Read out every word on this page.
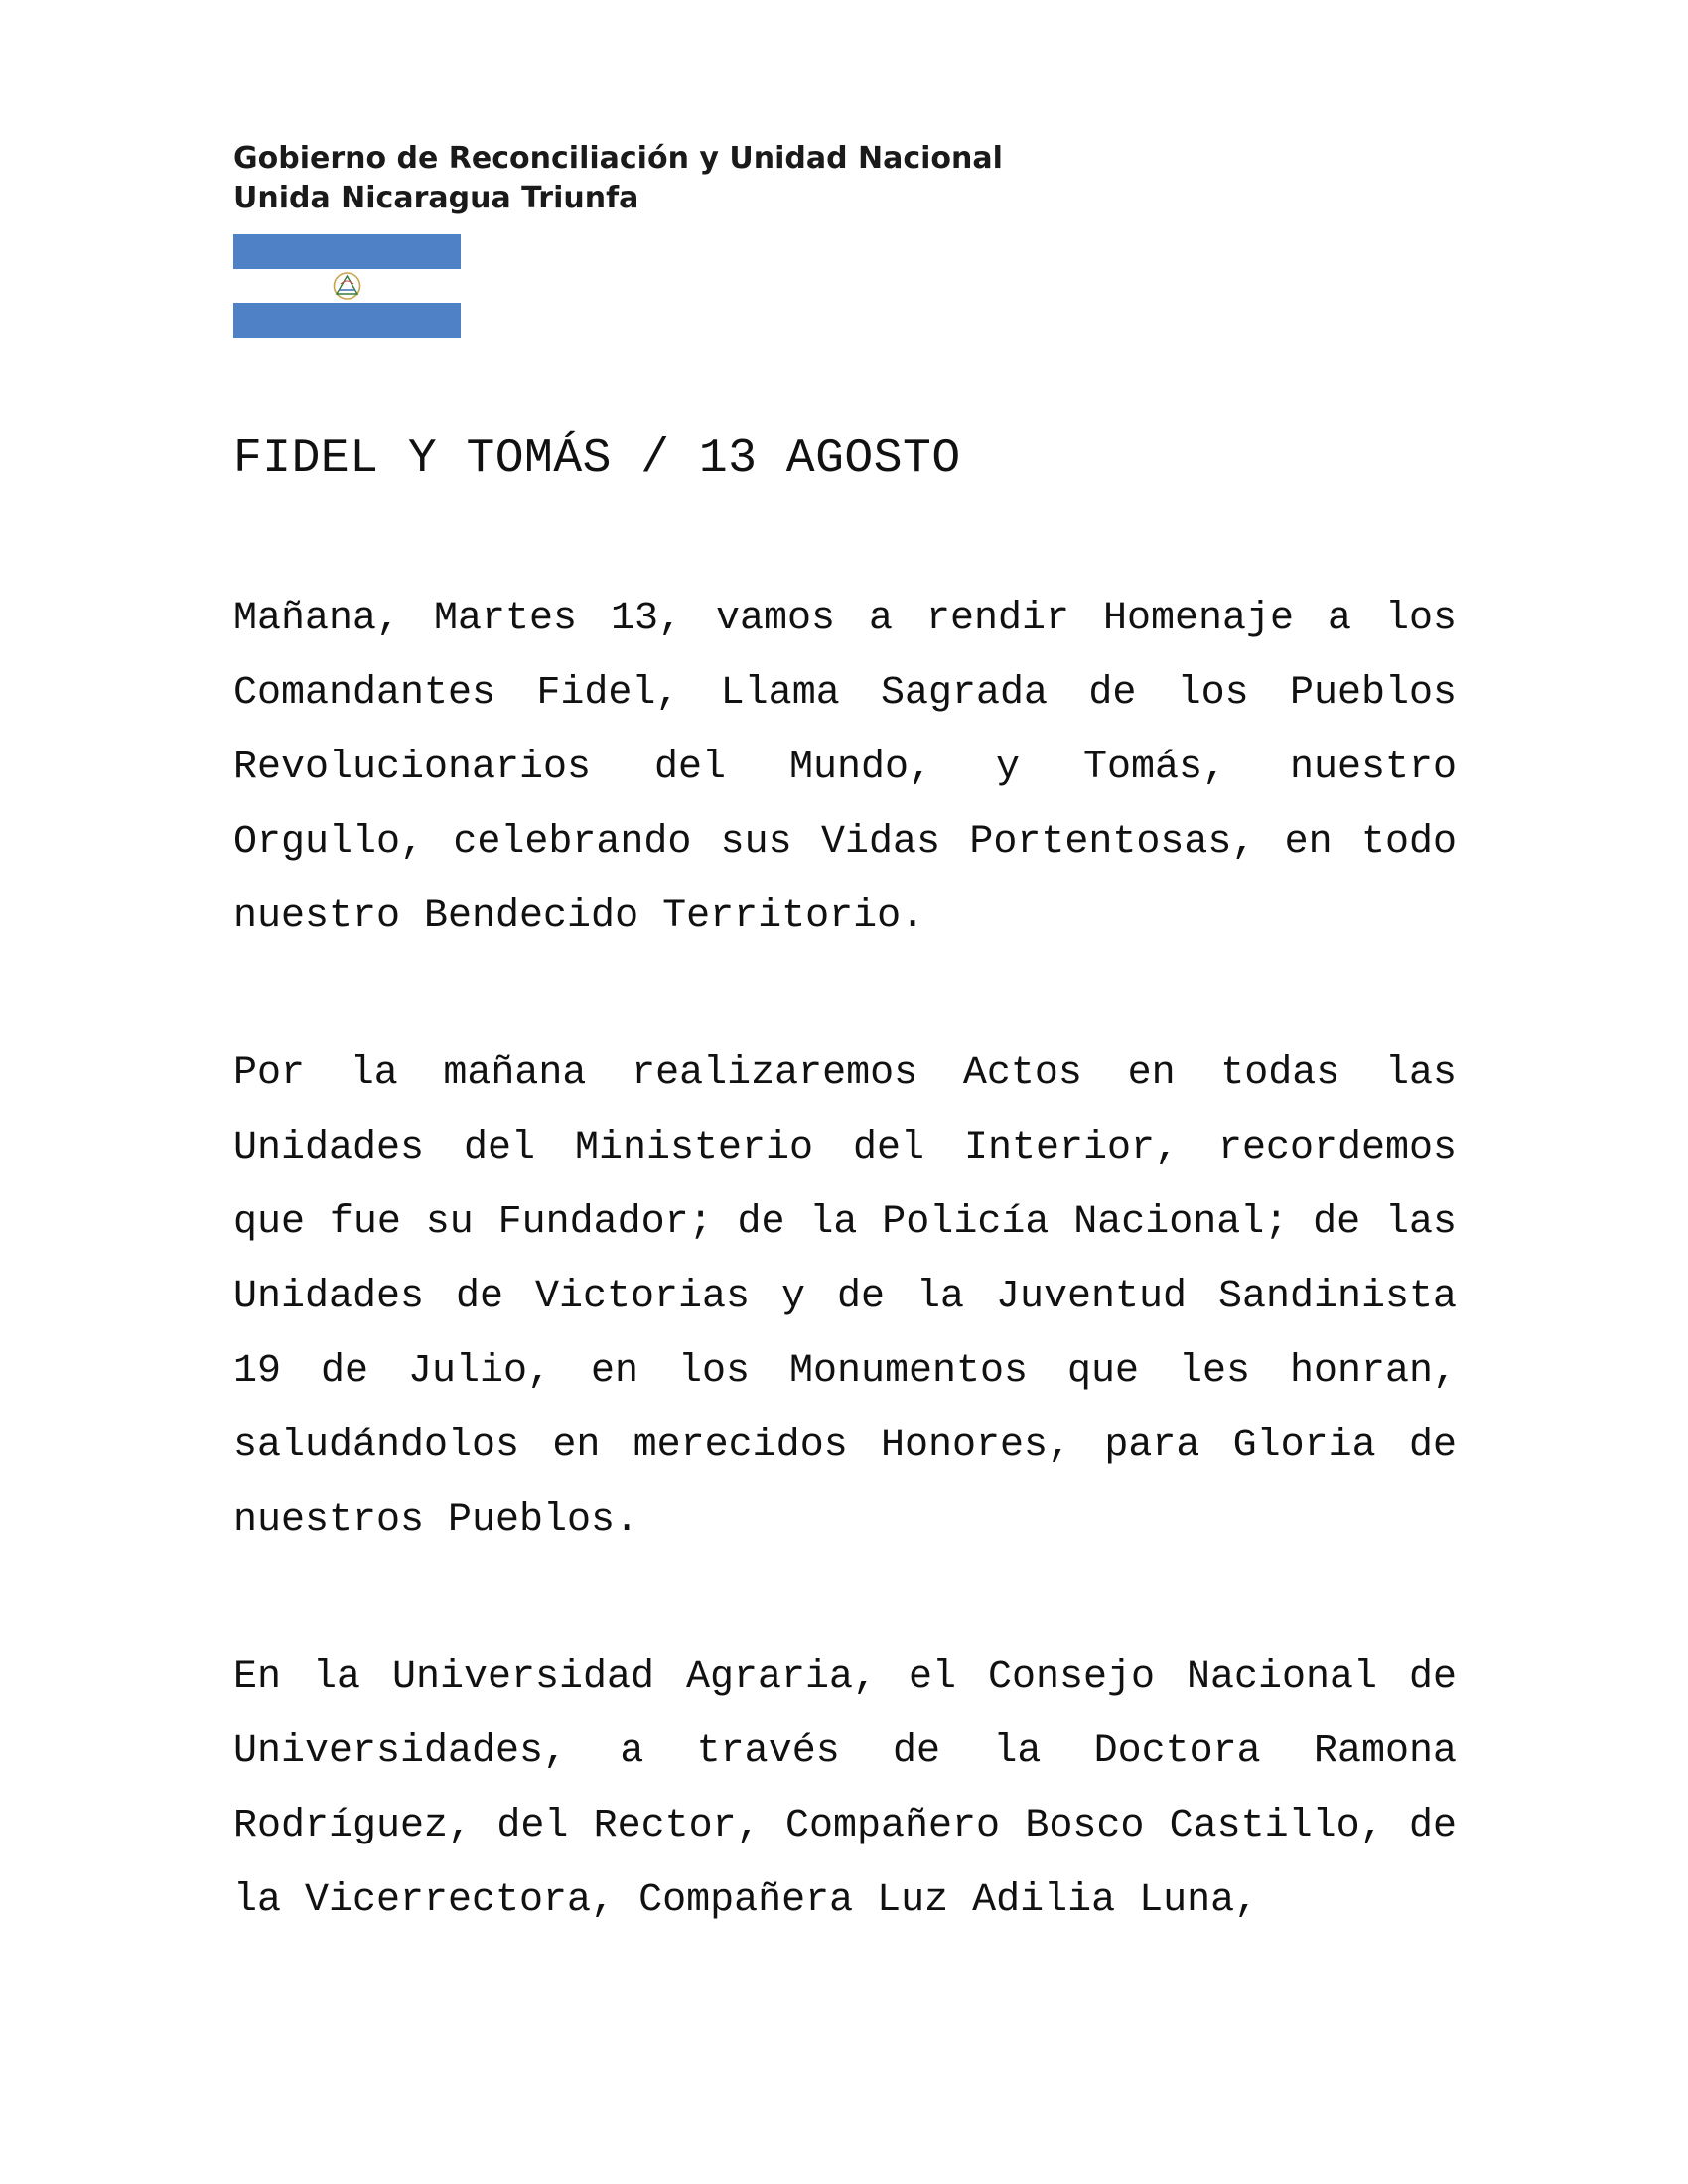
Gobierno de Reconciliación y Unidad Nacional
Unida Nicaragua Triunfa
FIDEL Y TOMÁS / 13 AGOSTO

Mañana, Martes 13, vamos a rendir Homenaje a los Comandantes Fidel, Llama Sagrada de los Pueblos Revolucionarios del Mundo, y Tomás, nuestro Orgullo, celebrando sus Vidas Portentosas, en todo nuestro Bendecido Territorio.

Por la mañana realizaremos Actos en todas las Unidades del Ministerio del Interior, recordemos que fue su Fundador; de la Policía Nacional; de las Unidades de Victorias y de la Juventud Sandinista 19 de Julio, en los Monumentos que les honran, saludándolos en merecidos Honores, para Gloria de nuestros Pueblos.

En la Universidad Agraria, el Consejo Nacional de Universidades, a través de la Doctora Ramona Rodríguez, del Rector, Compañero Bosco Castillo, de la Vicerrectora, Compañera Luz Adilia Luna,
